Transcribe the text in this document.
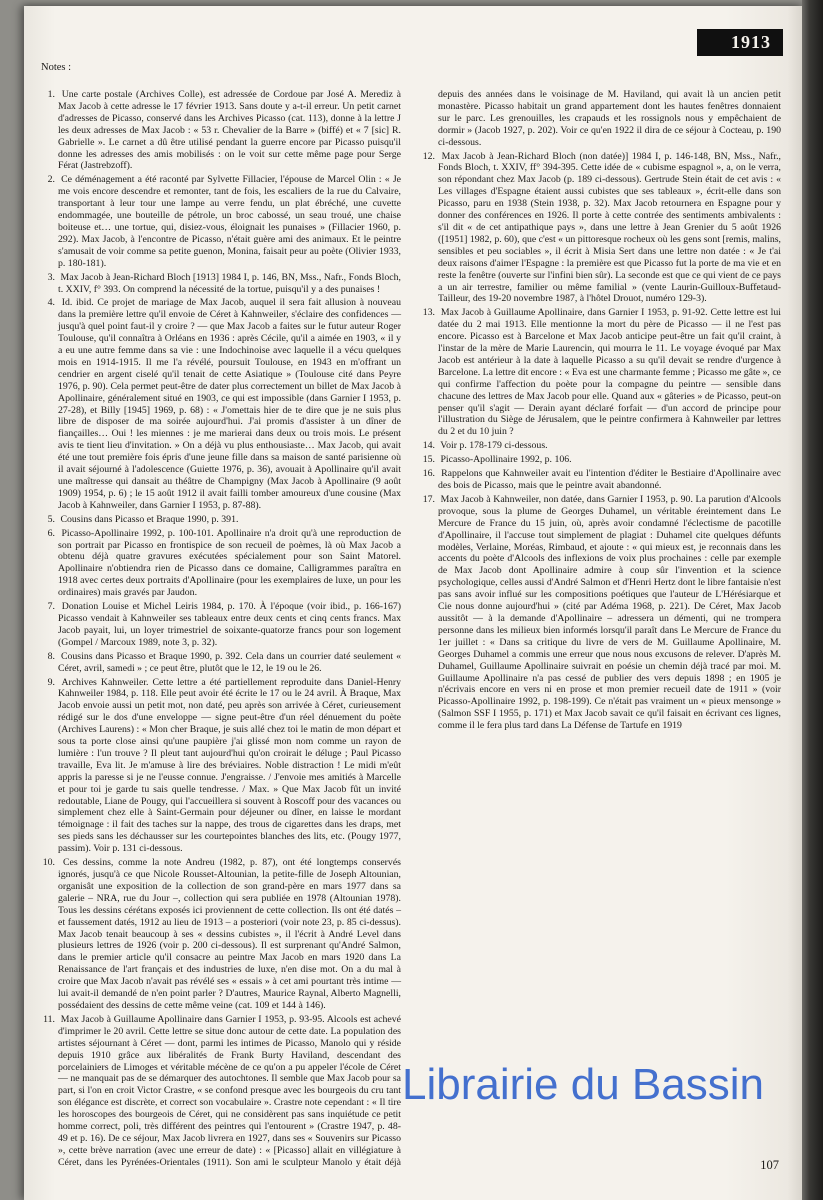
Notes :
1. Une carte postale (Archives Colle), est adressée de Cordoue par José A. Merediz à Max Jacob à cette adresse le 17 février 1913. Sans doute y a-t-il erreur. Un petit carnet d'adresses de Picasso, conservé dans les Archives Picasso (cat. 113), donne à la lettre J les deux adresses de Max Jacob : « 53 r. Chevalier de la Barre » (biffé) et « 7 [sic] R. Gabrielle ». Le carnet a dû être utilisé pendant la guerre encore par Picasso puisqu'il donne les adresses des amis mobilisés : on le voit sur cette même page pour Serge Férat (Jastrebzoff).
2. Ce déménagement a été raconté par Sylvette Fillacier, l'épouse de Marcel Olin : « Je me vois encore descendre et remonter, tant de fois, les escaliers de la rue du Calvaire, transportant à leur tour une lampe au verre fendu, un plat ébréché, une cuvette endommagée, une bouteille de pétrole, un broc cabossé, un seau troué, une chaise boiteuse et… une tortue, qui, disiez-vous, éloignait les punaises » (Fillacier 1960, p. 292). Max Jacob, à l'encontre de Picasso, n'était guère ami des animaux. Et le peintre s'amusait de voir comme sa petite guenon, Monina, faisait peur au poète (Olivier 1933, p. 180-181).
3. Max Jacob à Jean-Richard Bloch [1913] 1984 I, p. 146, BN, Mss., Nafr., Fonds Bloch, t. XXIV, f° 393. On comprend la nécessité de la tortue, puisqu'il y a des punaises !
4. Id. ibid. Ce projet de mariage de Max Jacob, auquel il sera fait allusion à nouveau dans la première lettre qu'il envoie de Céret à Kahnweiler, s'éclaire des confidences — jusqu'à quel point faut-il y croire ? — que Max Jacob a faites sur le futur auteur Roger Toulouse, qu'il connaîtra à Orléans en 1936 : après Cécile, qu'il a aimée en 1903, « il y a eu une autre femme dans sa vie : une Indochinoise avec laquelle il a vécu quelques mois en 1914-1915. Il me l'a révélé, poursuit Toulouse, en 1943 en m'offrant un cendrier en argent ciselé qu'il tenait de cette Asiatique » (Toulouse cité dans Peyre 1976, p. 90). Cela permet peut-être de dater plus correctement un billet de Max Jacob à Apollinaire, généralement situé en 1903, ce qui est impossible (dans Garnier I 1953, p. 27-28), et Billy [1945] 1969, p. 68) : « J'omettais hier de te dire que je ne suis plus libre de disposer de ma soirée aujourd'hui. J'ai promis d'assister à un dîner de fiançailles… Oui ! les miennes : je me marierai dans deux ou trois mois. Le présent avis te tient lieu d'invitation. » On a déjà vu plus enthousiaste… Max Jacob, qui avait été une tout première fois épris d'une jeune fille dans sa maison de santé parisienne où il avait séjourné à l'adolescence (Guiette 1976, p. 36), avouait à Apollinaire qu'il avait une maîtresse qui dansait au théâtre de Champigny (Max Jacob à Apollinaire (9 août 1909) 1954, p. 6) ; le 15 août 1912 il avait failli tomber amoureux d'une cousine (Max Jacob à Kahnweiler, dans Garnier I 1953, p. 87-88).
5. Cousins dans Picasso et Braque 1990, p. 391.
6. Picasso-Apollinaire 1992, p. 100-101. Apollinaire n'a droit qu'à une reproduction de son portrait par Picasso en frontispice de son recueil de poèmes, là où Max Jacob a obtenu déjà quatre gravures exécutées spécialement pour son Saint Matorel. Apollinaire n'obtiendra rien de Picasso dans ce domaine, Calligrammes paraîtra en 1918 avec certes deux portraits d'Apollinaire (pour les exemplaires de luxe, un pour les ordinaires) mais gravés par Jaudon.
7. Donation Louise et Michel Leiris 1984, p. 170. À l'époque (voir ibid., p. 166-167) Picasso vendait à Kahnweiler ses tableaux entre deux cents et cinq cents francs. Max Jacob payait, lui, un loyer trimestriel de soixante-quatorze francs pour son logement (Gompel / Marcoux 1989, note 3, p. 32).
8. Cousins dans Picasso et Braque 1990, p. 392. Cela dans un courrier daté seulement « Céret, avril, samedi » ; ce peut être, plutôt que le 12, le 19 ou le 26.
9. Archives Kahnweiler. Cette lettre a été partiellement reproduite dans Daniel-Henry Kahnweiler 1984, p. 118. Elle peut avoir été écrite le 17 ou le 24 avril. À Braque, Max Jacob envoie aussi un petit mot, non daté, peu après son arrivée à Céret, curieusement rédigé sur le dos d'une enveloppe — signe peut-être d'un réel dénuement du poète (Archives Laurens) : « Mon cher Braque, je suis allé chez toi le matin de mon départ et sous ta porte close ainsi qu'une paupière j'ai glissé mon nom comme un rayon de lumière : l'un trouve ? Il pleut tant aujourd'hui qu'on croirait le déluge ; Paul Picasso travaille, Eva lit. Je m'amuse à lire des bréviaires. Noble distraction ! Le midi m'eût appris la paresse si je ne l'eusse connue. J'engraisse. / J'envoie mes amitiés à Marcelle et pour toi je garde tu sais quelle tendresse. / Max. » Que Max Jacob fût un invité redoutable, Liane de Pougy, qui l'accueillera si souvent à Roscoff pour des vacances ou simplement chez elle à Saint-Germain pour déjeuner ou dîner, en laisse le mordant témoignage : il fait des taches sur la nappe, des trous de cigarettes dans les draps, met ses pieds sans les déchausser sur les courtepointes blanches des lits, etc. (Pougy 1977, passim). Voir p. 131 ci-dessous.
10. Ces dessins, comme la note Andreu (1982, p. 87), ont été longtemps conservés ignorés, jusqu'à ce que Nicole Rousset-Altounian, la petite-fille de Joseph Altounian, organisât une exposition de la collection de son grand-père en mars 1977 dans sa galerie – NRA, rue du Jour –, collection qui sera publiée en 1978 (Altounian 1978). Tous les dessins cérétans exposés ici proviennent de cette collection. Ils ont été datés – et faussement datés, 1912 au lieu de 1913 – a posteriori (voir note 23, p. 85 ci-dessus). Max Jacob tenait beaucoup à ses « dessins cubistes », il l'écrit à André Level dans plusieurs lettres de 1926 (voir p. 200 ci-dessous). Il est surprenant qu'André Salmon, dans le premier article qu'il consacre au peintre Max Jacob en mars 1920 dans La Renaissance de l'art français et des industries de luxe, n'en dise mot. On a du mal à croire que Max Jacob n'avait pas révélé ses « essais » à cet ami pourtant très intime — lui avait-il demandé de n'en point parler ? D'autres, Maurice Raynal, Alberto Magnelli, possédaient des dessins de cette même veine (cat. 109 et 144 à 146).
11. Max Jacob à Guillaume Apollinaire dans Garnier I 1953, p. 93-95. Alcools est achevé d'imprimer le 20 avril. Cette lettre se situe donc autour de cette date. La population des artistes séjournant à Céret — dont, parmi les intimes de Picasso, Manolo qui y réside depuis 1910 grâce aux libéralités de Frank Burty Haviland, descendant des porcelainiers de Limoges et véritable mécène de ce qu'on a pu appeler l'école de Céret — ne manquait pas de se démarquer des autochtones. Il semble que Max Jacob pour sa part, si l'on en croit Victor Crastre, « se confond presque avec les bourgeois du cru tant son élégance est discrète, et correct son vocabulaire ». Crastre note cependant : « Il tire les horoscopes des bourgeois de Céret, qui ne considèrent pas sans inquiétude ce petit homme correct, poli, très différent des peintres qui l'entourent » (Crastre 1947, p. 48-49 et p. 16). De ce séjour, Max Jacob livrera en 1927, dans ses « Souvenirs sur Picasso », cette brève narration (avec une erreur de date) : « [Picasso] allait en villégiature à Céret, dans les Pyrénées-Orientales (1911). Son ami le sculpteur Manolo y était déjà depuis des années dans le voisinage de M. Haviland, qui avait là un ancien petit monastère. Picasso habitait un grand appartement dont les hautes fenêtres donnaient sur le parc. Les grenouilles, les crapauds et les rossignols nous y empêchaient de dormir » (Jacob 1927, p. 202). Voir ce qu'en 1922 il dira de ce séjour à Cocteau, p. 190 ci-dessous.
12. Max Jacob à Jean-Richard Bloch (non datée)] 1984 I, p. 146-148, BN, Mss., Nafr., Fonds Bloch, t. XXIV, ff° 394-395. Cette idée de « cubisme espagnol », a, on le verra, son répondant chez Max Jacob (p. 189 ci-dessous). Gertrude Stein était de cet avis : « Les villages d'Espagne étaient aussi cubistes que ses tableaux », écrit-elle dans son Picasso, paru en 1938 (Stein 1938, p. 32). Max Jacob retournera en Espagne pour y donner des conférences en 1926. Il porte à cette contrée des sentiments ambivalents : s'il dit « de cet antipathique pays », dans une lettre à Jean Grenier du 5 août 1926 ([1951] 1982, p. 60), que c'est « un pittoresque rocheux où les gens sont [remis, malins, sensibles et peu sociables », il écrit à Misia Sert dans une lettre non datée : « Je t'ai deux raisons d'aimer l'Espagne : la première est que Picasso fut la porte de ma vie et en reste la fenêtre (ouverte sur l'infini bien sûr). La seconde est que ce qui vient de ce pays a un air terrestre, familier ou même familial » (vente Laurin-Guilloux-Buffetaud-Tailleur, des 19-20 novembre 1987, à l'hôtel Drouot, numéro 129-3).
13. Max Jacob à Guillaume Apollinaire, dans Garnier I 1953, p. 91-92. Cette lettre est lui datée du 2 mai 1913. Elle mentionne la mort du père de Picasso — il ne l'est pas encore. Picasso est à Barcelone et Max Jacob anticipe peut-être un fait qu'il craint, à l'instar de la mère de Marie Laurencin, qui mourra le 11. Le voyage évoqué par Max Jacob est antérieur à la date à laquelle Picasso a su qu'il devait se rendre d'urgence à Barcelone. La lettre dit encore : « Eva est une charmante femme ; Picasso me gâte », ce qui confirme l'affection du poète pour la compagne du peintre — sensible dans chacune des lettres de Max Jacob pour elle. Quand aux « gâteries » de Picasso, peut-on penser qu'il s'agit — Derain ayant déclaré forfait — d'un accord de principe pour l'illustration du Siège de Jérusalem, que le peintre confirmera à Kahnweiler par lettres du 2 et du 10 juin ?
14. Voir p. 178-179 ci-dessous.
15. Picasso-Apollinaire 1992, p. 106.
16. Rappelons que Kahnweiler avait eu l'intention d'éditer le Bestiaire d'Apollinaire avec des bois de Picasso, mais que le peintre avait abandonné.
17. Max Jacob à Kahnweiler, non datée, dans Garnier I 1953, p. 90. La parution d'Alcools provoque, sous la plume de Georges Duhamel, un véritable éreintement dans Le Mercure de France du 15 juin, où, après avoir condamné l'éclectisme de pacotille d'Apollinaire, il l'accuse tout simplement de plagiat : Duhamel cite quelques défunts modèles, Verlaine, Moréas, Rimbaud, et ajoute : « qui mieux est, je reconnais dans les accents du poète d'Alcools des inflexions de voix plus prochaines : celle par exemple de Max Jacob dont Apollinaire admire à coup sûr l'invention et la science psychologique, celles aussi d'André Salmon et d'Henri Hertz dont le libre fantaisie n'est pas sans avoir influé sur les compositions poétiques que l'auteur de L'Hérésiarque et Cie nous donne aujourd'hui » (cité par Adéma 1968, p. 221). De Céret, Max Jacob aussitôt — à la demande d'Apollinaire – adressera un démenti, qui ne trompera personne dans les milieux bien informés lorsqu'il paraît dans Le Mercure de France du 1er juillet : « Dans sa critique du livre de vers de M. Guillaume Apollinaire, M. Georges Duhamel a commis une erreur que nous nous excusons de relever. D'après M. Duhamel, Guillaume Apollinaire suivrait en poésie un chemin déjà tracé par moi. M. Guillaume Apollinaire n'a pas cessé de publier des vers depuis 1898 ; en 1905 je n'écrivais encore en vers ni en prose et mon premier recueil date de 1911 » (voir Picasso-Apollinaire 1992, p. 198-199). Ce n'était pas vraiment un « pieux mensonge » (Salmon SSF I 1955, p. 171) et Max Jacob savait ce qu'il faisait en écrivant ces lignes, comme il le fera plus tard dans La Défense de Tartufe en 1919
107
1913
Librairie du Bassin
